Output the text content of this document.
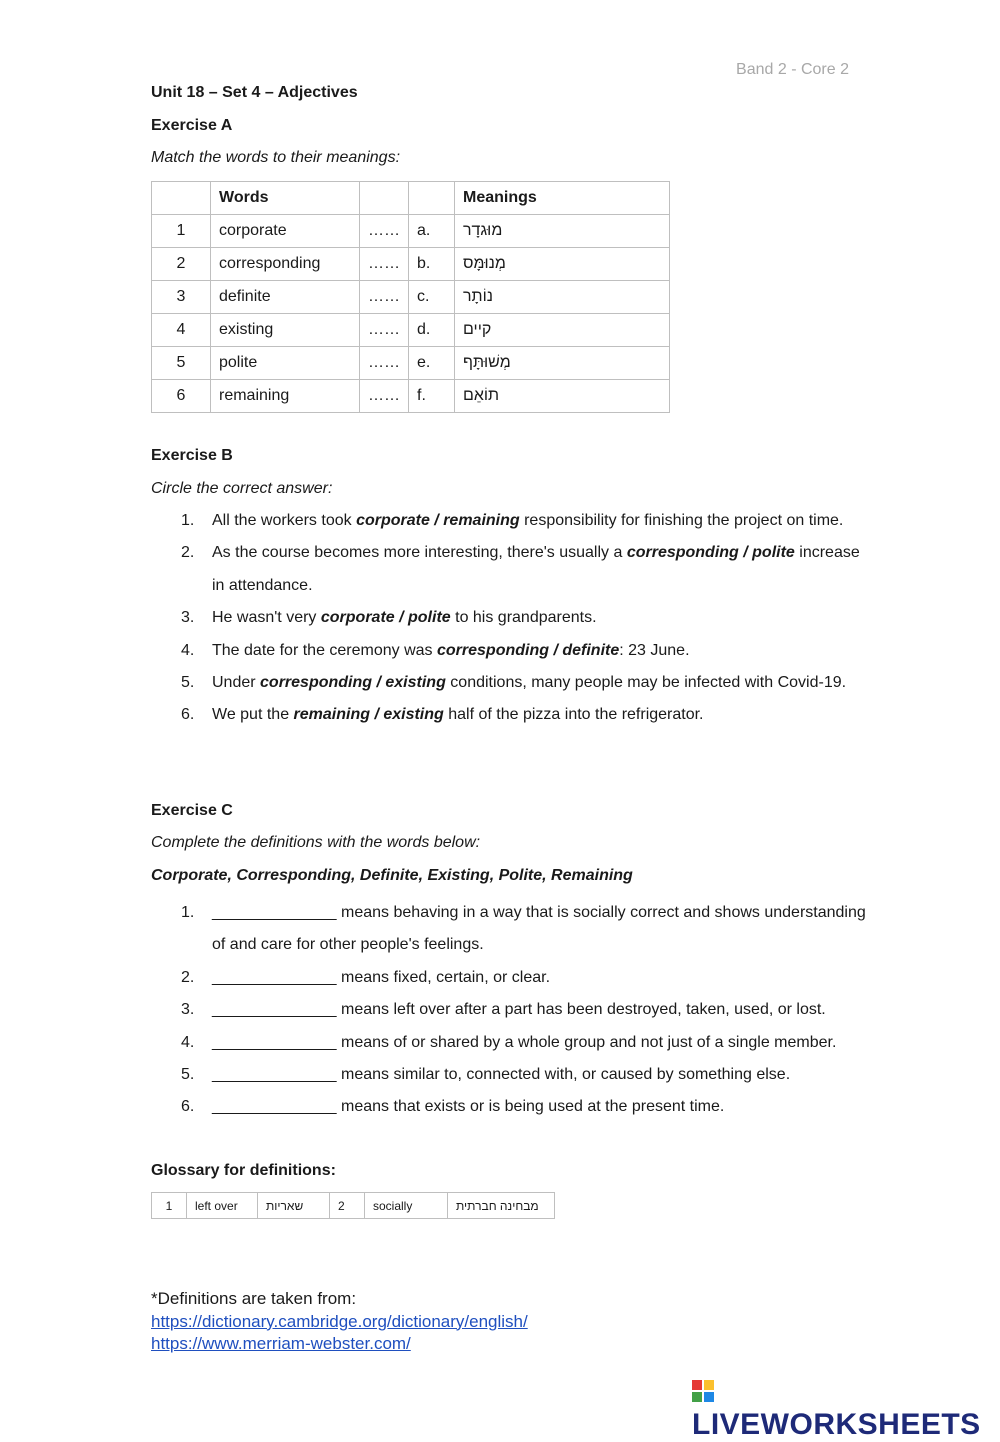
Band 2 - Core 2
Unit 18 – Set 4 – Adjectives
Exercise A
Match the words to their meanings:
	Words			Meanings
1	corporate	……	a.	מוּגדָר
2	corresponding	……	b.	מְנוּמָּס
3	definite	……	c.	נוֹתָר
4	existing	……	d.	קיים
5	polite	……	e.	מְשׁוּתָּף
6	remaining	……	f.	תוֹאֵם
Exercise B
Circle the correct answer:
1. All the workers took corporate / remaining responsibility for finishing the project on time.
2. As the course becomes more interesting, there's usually a corresponding / polite increase in attendance.
3. He wasn't very corporate / polite to his grandparents.
4. The date for the ceremony was corresponding / definite: 23 June.
5. Under corresponding / existing conditions, many people may be infected with Covid-19.
6. We put the remaining / existing half of the pizza into the refrigerator.
Exercise C
Complete the definitions with the words below:
Corporate, Corresponding, Definite, Existing, Polite, Remaining
1. ______________ means behaving in a way that is socially correct and shows understanding of and care for other people's feelings.
2. ______________ means fixed, certain, or clear.
3. ______________ means left over after a part has been destroyed, taken, used, or lost.
4. ______________ means of or shared by a whole group and not just of a single member.
5. ______________ means similar to, connected with, or caused by something else.
6. ______________ means that exists or is being used at the present time.
Glossary for definitions:
1	left over	שאריות	2	socially	מבחינה חברתית
*Definitions are taken from:
https://dictionary.cambridge.org/dictionary/english/
https://www.merriam-webster.com/
LIVEWORKSHEETS
